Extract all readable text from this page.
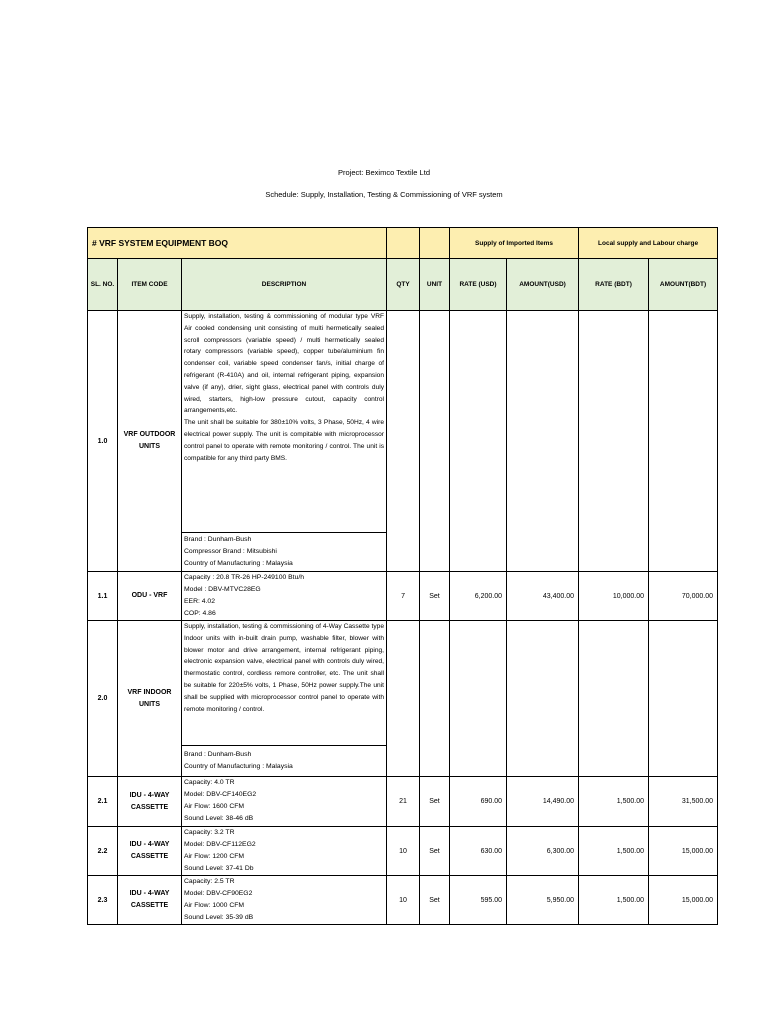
Project: Beximco Textile Ltd
Schedule: Supply, Installation, Testing & Commissioning of VRF system
# VRF SYSTEM EQUIPMENT BOQ					Supply of Imported Items		Local supply and Labour charge	
SL. NO.	ITEM CODE	DESCRIPTION	QTY	UNIT	RATE (USD)	AMOUNT(USD)	RATE (BDT)	AMOUNT(BDT)
1.0	VRF OUTDOOR UNITS	Supply, installation, testing & commissioning of modular type VRF Air cooled condensing unit consisting of multi hermetically sealed scroll compressors (variable speed) / multi hermetically sealed rotary compressors (variable speed), copper tube/aluminium fin condenser coil, variable speed condenser fan/s, initial charge of refrigerant (R-410A) and oil, internal refrigerant piping, expansion valve (if any), drier, sight glass, electrical panel with controls duly wired, starters, high-low pressure cutout, capacity control arrangements,etc.
The unit shall be suitable for 380±10% volts, 3 Phase, 50Hz, 4 wire electrical power supply. The unit is compitable with microprocessor control panel to operate with remote monitoring / control. The unit is compatible for any third party BMS.						
		Brand : Dunham-Bush
Compressor Brand : Mitsubishi
Country of Manufacturing : Malaysia						
1.1	ODU - VRF	Capacity : 20.8 TR-26 HP-249100 Btu/h
Model : DBV-MTVC28EG
EER: 4.02
COP: 4.86	7	Set	6,200.00	43,400.00	10,000.00	70,000.00
2.0	VRF INDOOR UNITS	Supply, installation, testing & commissioning of 4-Way Cassette type Indoor units with in-built drain pump, washable filter, blower with blower motor and drive arrangement, internal refrigerant piping, electronic expansion valve, electrical panel with controls duly wired, thermostatic control, cordless remore controller, etc. The unit shall be suitable for 220±5% volts, 1 Phase, 50Hz power supply.The unit shall be supplied with microprocessor control panel to operate with remote monitoring / control.						
		Brand : Dunham-Bush
Country of Manufacturing : Malaysia						
2.1	IDU - 4-WAY CASSETTE	Capacity: 4.0 TR
Model: DBV-CF140EG2
Air Flow: 1600 CFM
Sound Level: 38-46 dB	21	Set	690.00	14,490.00	1,500.00	31,500.00
2.2	IDU - 4-WAY CASSETTE	Capacity: 3.2 TR
Model: DBV-CF112EG2
Air Flow: 1200 CFM
Sound Level: 37-41 Db	10	Set	630.00	6,300.00	1,500.00	15,000.00
2.3	IDU - 4-WAY CASSETTE	Capacity: 2.5 TR
Model: DBV-CF90EG2
Air Flow: 1000 CFM
Sound Level: 35-39 dB	10	Set	595.00	5,950.00	1,500.00	15,000.00
